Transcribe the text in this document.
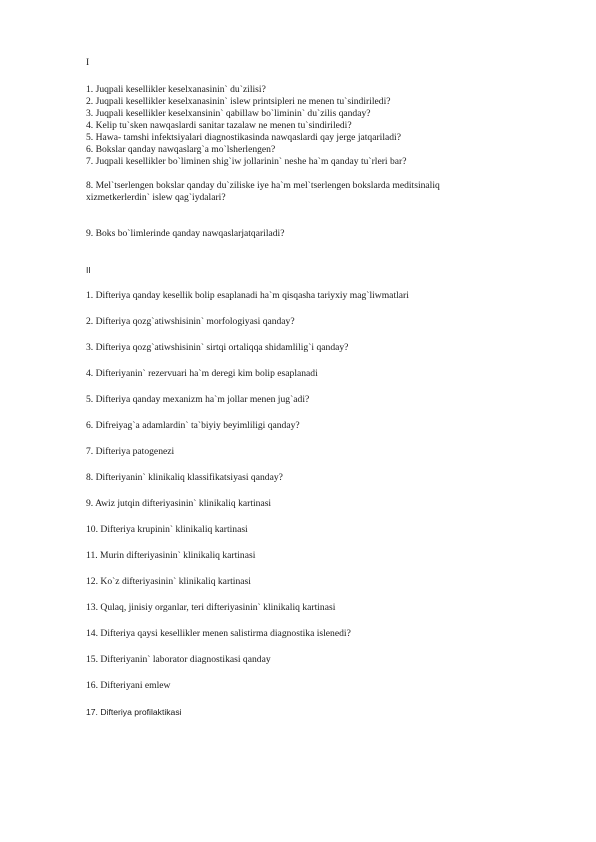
I
1. Juqpali kesellikler keselxanasinin` du`zilisi?
2. Juqpali kesellikler keselxanasinin` islew printsipleri ne menen tu`sindiriledi?
3. Juqpali kesellikler keselxansinin` qabillaw bo`liminin` du`zilis qanday?
4. Kelip tu`sken nawqaslardi sanitar tazalaw ne menen tu`sindiriledi?
5. Hawa- tamshi infektsiyalari diagnostikasinda nawqaslardi qay jerge jatqariladi?
6. Bokslar qanday nawqaslarg`a mo`lsherlengen?
7. Juqpali kesellikler bo`liminen shig`iw jollarinin` neshe ha`m qanday tu`rleri bar?
8. Mel`tserlengen bokslar qanday du`ziliske iye ha`m mel`tserlengen bokslarda meditsinaliq
xizmetkerlerdin` islew qag`iydalari?
9. Boks bo`limlerinde qanday nawqaslarjatqariladi?
II
1. Difteriya qanday kesellik bolip esaplanadi ha`m qisqasha tariyxiy mag`liwmatlari
2. Difteriya qozg`atiwshisinin` morfologiyasi qanday?
3. Difteriya qozg`atiwshisinin` sirtqi ortaliqqa shidamlilig`i qanday?
4. Difteriyanin` rezervuari ha`m deregi kim bolip esaplanadi
5. Difteriya qanday mexanizm ha`m jollar menen jug`adi?
6. Difreiyag`a adamlardin` ta`biyiy beyimliligi qanday?
7. Difteriya patogenezi
8. Difteriyanin` klinikaliq klassifikatsiyasi qanday?
9. Awiz jutqin difteriyasinin` klinikaliq kartinasi
10. Difteriya krupinin` klinikaliq kartinasi
11. Murin difteriyasinin` klinikaliq kartinasi
12. Ko`z difteriyasinin` klinikaliq kartinasi
13. Qulaq, jinisiy organlar, teri difteriyasinin` klinikaliq kartinasi
14. Difteriya qaysi kesellikler menen salistirma diagnostika islenedi?
15. Difteriyanin` laborator diagnostikasi qanday
16. Difteriyani emlew
17. Difteriya profilaktikasi
